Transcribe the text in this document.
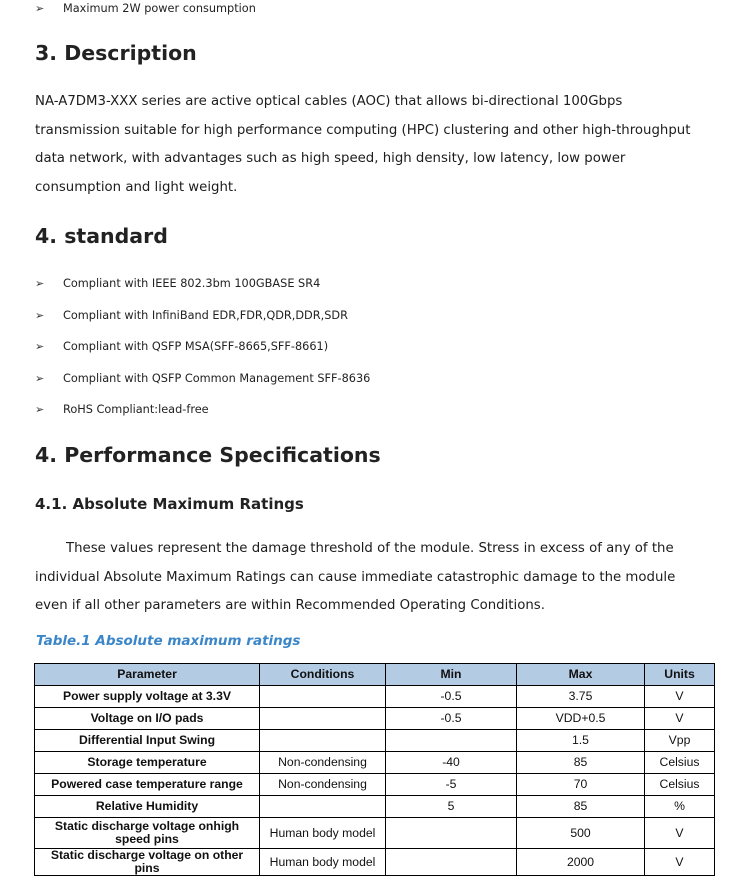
➢	Maximum 2W power consumption
3. Description
NA-A7DM3-XXX series are active optical cables (AOC) that allows bi-directional 100Gbps
transmission suitable for high performance computing (HPC) clustering and other high-throughput
data network, with advantages such as high speed, high density, low latency, low power
consumption and light weight.
4. standard
➢	Compliant with IEEE 802.3bm 100GBASE SR4
➢	Compliant with InfiniBand EDR,FDR,QDR,DDR,SDR
➢	Compliant with QSFP MSA(SFF-8665,SFF-8661)
➢	Compliant with QSFP Common Management SFF-8636
➢	RoHS Compliant:lead-free
4. Performance Specifications
4.1. Absolute Maximum Ratings
These values represent the damage threshold of the module. Stress in excess of any of the
individual Absolute Maximum Ratings can cause immediate catastrophic damage to the module
even if all other parameters are within Recommended Operating Conditions.

Table.1 Absolute maximum ratings

Parameter	Conditions	Min	Max	Units
Power supply voltage at 3.3V		-0.5	3.75	V
Voltage on I/O pads		-0.5	VDD+0.5	V
Differential Input Swing			1.5	Vpp
Storage temperature	Non-condensing	-40	85	Celsius
Powered case temperature range	Non-condensing	-5	70	Celsius
Relative Humidity		5	85	%
Static discharge voltage onhigh speed pins	Human body model		500	V
Static discharge voltage on other pins	Human body model		2000	V
